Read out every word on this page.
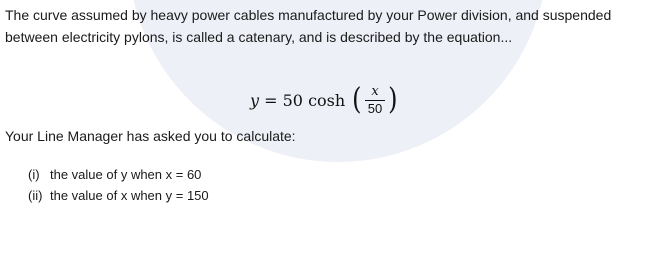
The curve assumed by heavy power cables manufactured by your Power division, and suspended
between electricity pylons, is called a catenary, and is described by the equation...

y = 50 cosh ( $\frac{x}{50}$ )

Your Line Manager has asked you to calculate:

(i) the value of y when x = 60
(ii) the value of x when y = 150
